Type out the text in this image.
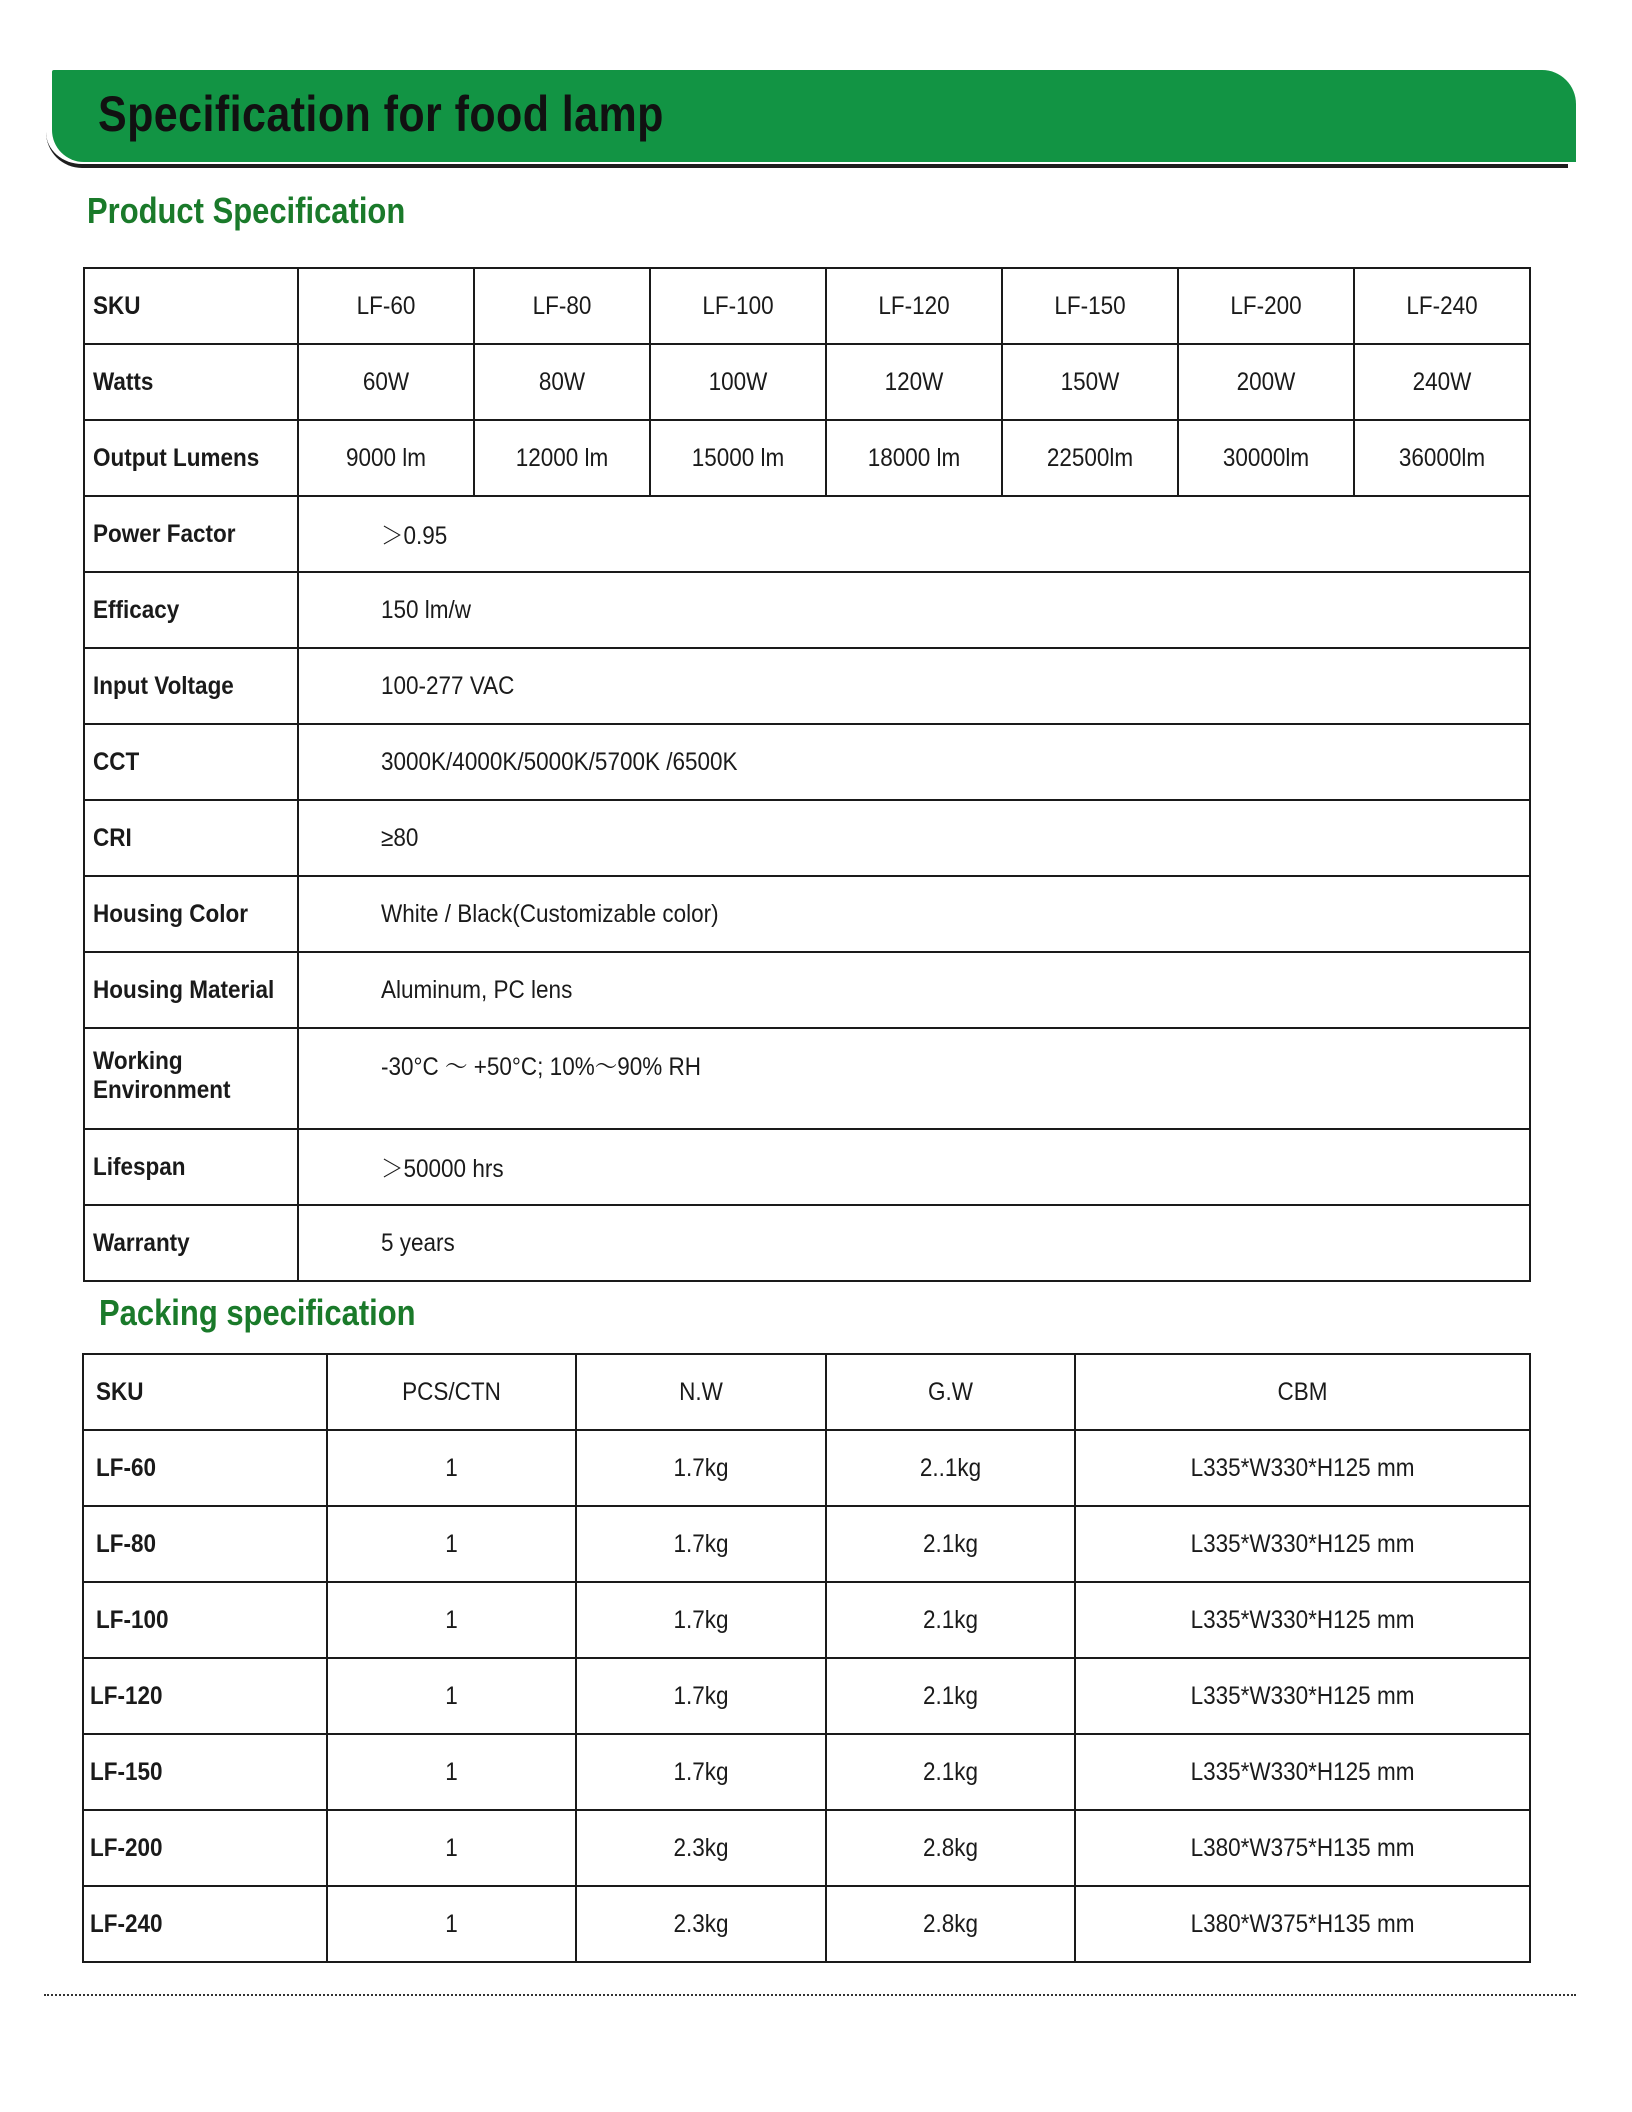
Specification for food lamp
Product Specification
SKU	LF-60	LF-80	LF-100	LF-120	LF-150	LF-200	LF-240

Watts	60W	80W	100W	120W	150W	200W	240W

Output Lumens	9000 lm	12000 lm	15000 lm	18000 lm	22500lm	30000lm	36000lm

Power Factor	＞0.95						

Efficacy	150 lm/w						

Input Voltage	100-277 VAC						

CCT	3000K/4000K/5000K/5700K /6500K						

CRI	≥80						

Housing Color	White / Black(Customizable color)						

Housing Material	Aluminum, PC lens						

Working
Environment	-30°C ～ +50°C; 10%～90% RH						

Lifespan	＞50000 hrs						

Warranty	5 years						
Packing specification
SKU	PCS/CTN	N.W	G.W	CBM

LF-60	1	1.7kg	2..1kg	L335*W330*H125 mm

LF-80	1	1.7kg	2.1kg	L335*W330*H125 mm

LF-100	1	1.7kg	2.1kg	L335*W330*H125 mm

LF-120	1	1.7kg	2.1kg	L335*W330*H125 mm

LF-150	1	1.7kg	2.1kg	L335*W330*H125 mm

LF-200	1	2.3kg	2.8kg	L380*W375*H135 mm

LF-240	1	2.3kg	2.8kg	L380*W375*H135 mm
